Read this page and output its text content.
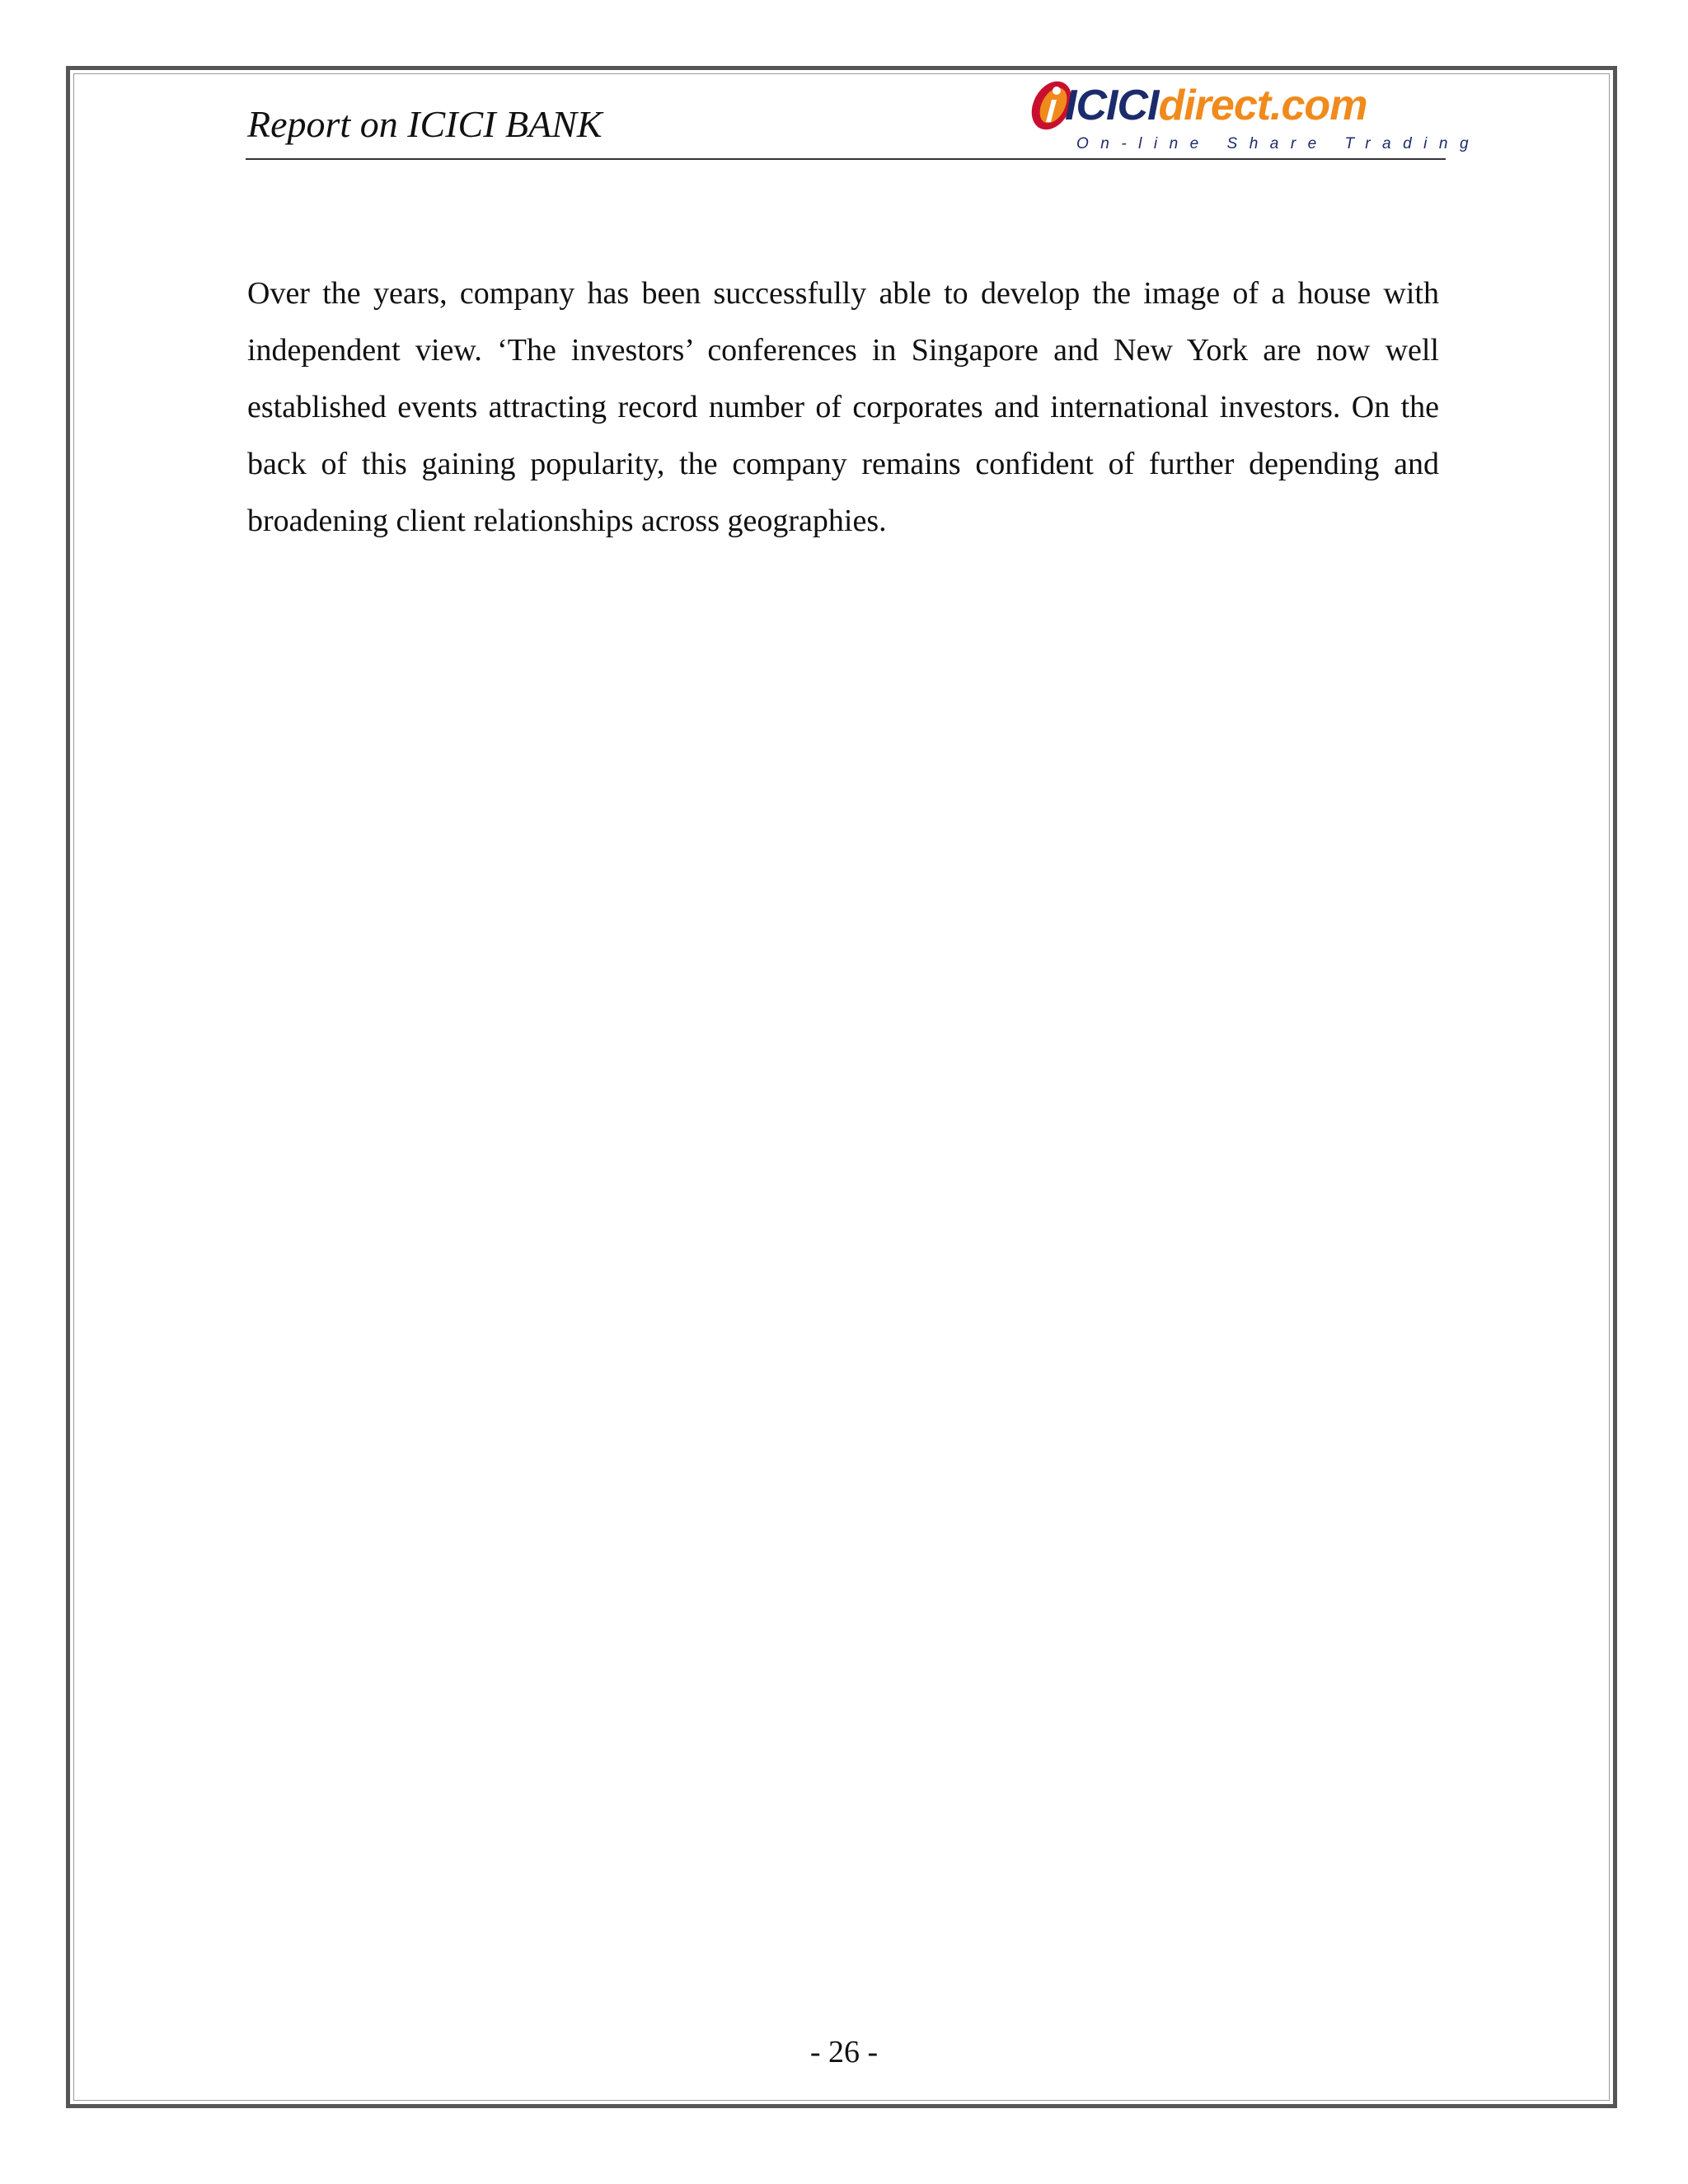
Report on ICICI BANK	ICICIdirect.com
On-line Share Trading

Over the years, company has been successfully able to develop the image of a house with independent view. ‘The investors’ conferences in Singapore and New York are now well established events attracting record number of corporates and international investors. On the back of this gaining popularity, the company remains confident of further depending and broadening client relationships across geographies.

- 26 -
